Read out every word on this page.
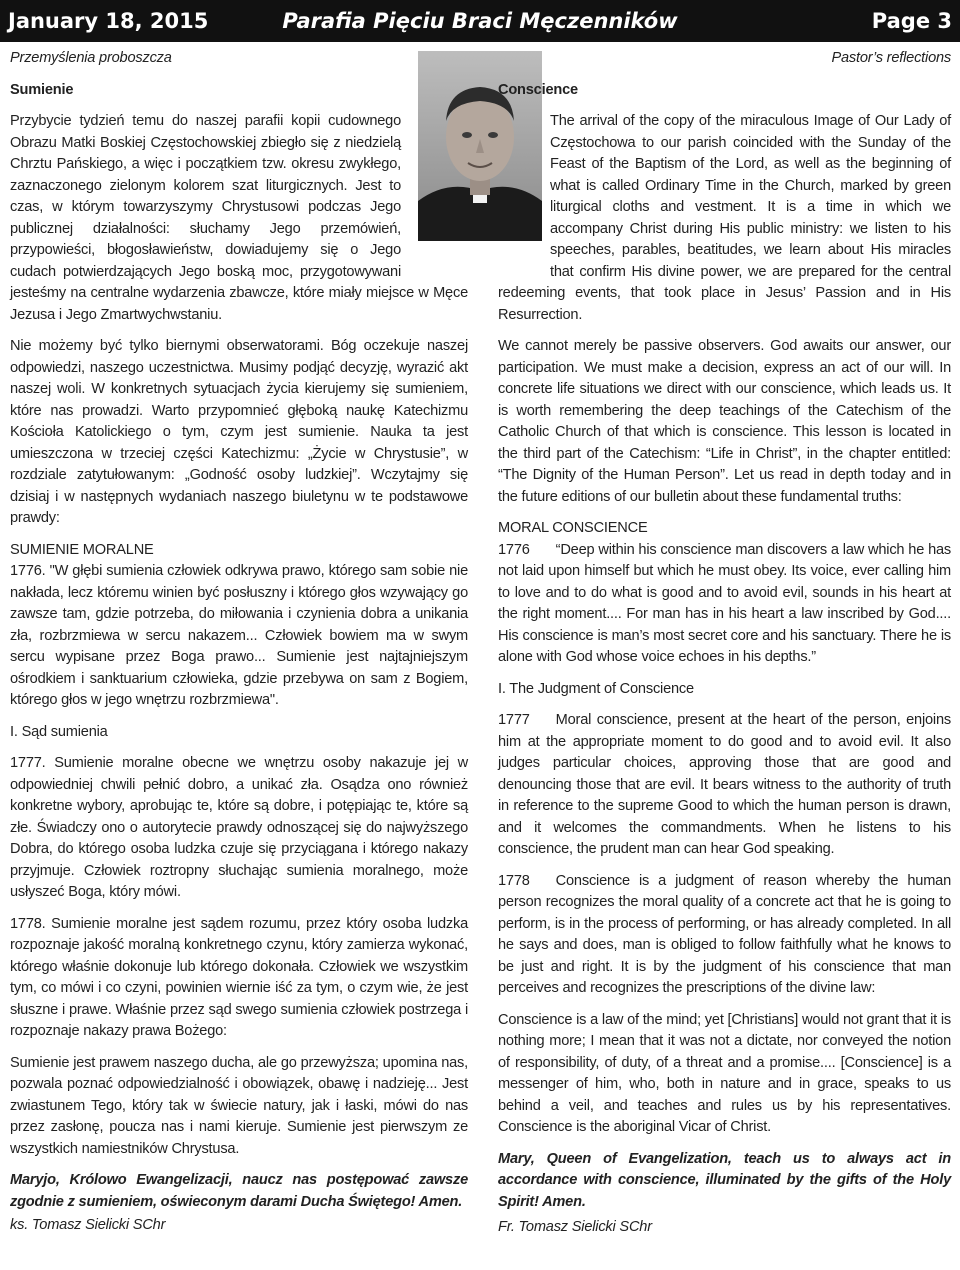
Parafia Pięciu Braci Męczenników
January 18, 2015	Page 3

Przemyślenia proboszcza

Sumienie

Przybycie tydzień temu do naszej parafii kopii cudownego Obrazu Matki Boskiej Częstochowskiej zbiegło się z niedzielą Chrztu Pańskiego, a więc i początkiem tzw. okresu zwykłego, zaznaczonego zielonym kolorem szat liturgicznych. Jest to czas, w którym towarzyszymy Chrystusowi podczas Jego publicznej działalności: słuchamy Jego przemówień, przypowieści, błogosławieństw, dowiadujemy się o Jego cudach potwierdzających Jego boską moc, przygotowywani jesteśmy na centralne wydarzenia zbawcze, które miały miejsce w Męce Jezusa i Jego Zmartwychwstaniu.

Nie możemy być tylko biernymi obserwatorami. Bóg oczekuje naszej odpowiedzi, naszego uczestnictwa. Musimy podjąć decyzję, wyrazić akt naszej woli. W konkretnych sytuacjach życia kierujemy się sumieniem, które nas prowadzi. Warto przypomnieć głęboką naukę Katechizmu Kościoła Katolickiego o tym, czym jest sumienie. Nauka ta jest umieszczona w trzeciej części Katechizmu: „Życie w Chrystusie”, w rozdziale zatytułowanym: „Godność osoby ludzkiej”. Wczytajmy się dzisiaj i w następnych wydaniach naszego biuletynu w te podstawowe prawdy:

SUMIENIE MORALNE

1776. "W głębi sumienia człowiek odkrywa prawo, którego sam sobie nie nakłada, lecz któremu winien być posłuszny i którego głos wzywający go zawsze tam, gdzie potrzeba, do miłowania i czynienia dobra a unikania zła, rozbrzmiewa w sercu nakazem... Człowiek bowiem ma w swym sercu wypisane przez Boga prawo... Sumienie jest najtajniejszym ośrodkiem i sanktuarium człowieka, gdzie przebywa on sam z Bogiem, którego głos w jego wnętrzu rozbrzmiewa".

I. Sąd sumienia

1777. Sumienie moralne obecne we wnętrzu osoby nakazuje jej w odpowiedniej chwili pełnić dobro, a unikać zła. Osądza ono również konkretne wybory, aprobując te, które są dobre, i potępiając te, które są złe. Świadczy ono o autorytecie prawdy odnoszącej się do najwyższego Dobra, do którego osoba ludzka czuje się przyciągana i którego nakazy przyjmuje. Człowiek roztropny słuchając sumienia moralnego, może usłyszeć Boga, który mówi.

1778. Sumienie moralne jest sądem rozumu, przez który osoba ludzka rozpoznaje jakość moralną konkretnego czynu, który zamierza wykonać, którego właśnie dokonuje lub którego dokonała. Człowiek we wszystkim tym, co mówi i co czyni, powinien wiernie iść za tym, o czym wie, że jest słuszne i prawe. Właśnie przez sąd swego sumienia człowiek postrzega i rozpoznaje nakazy prawa Bożego:

Sumienie jest prawem naszego ducha, ale go przewyższa; upomina nas, pozwala poznać odpowiedzialność i obowiązek, obawę i nadzieję... Jest zwiastunem Tego, który tak w świecie natury, jak i łaski, mówi do nas przez zasłonę, poucza nas i nami kieruje. Sumienie jest pierwszym ze wszystkich namiestników Chrystusa.

Maryjo, Królowo Ewangelizacji, naucz nas postępować zawsze zgodnie z sumieniem, oświeconym darami Ducha Świętego! Amen.

ks. Tomasz Sielicki SChr

Pastor’s reflections

Conscience

The arrival of the copy of the miraculous Image of Our Lady of Częstochowa to our parish coincided with the Sunday of the Feast of the Baptism of the Lord, as well as the beginning of what is called Ordinary Time in the Church, marked by green liturgical cloths and vestment. It is a time in which we accompany Christ during His public ministry: we listen to his speeches, parables, beatitudes, we learn about His miracles that confirm His divine power, we are prepared for the central redeeming events, that took place in Jesus’ Passion and in His Resurrection.

We cannot merely be passive observers. God awaits our answer, our participation. We must make a decision, express an act of our will. In concrete life situations we direct with our conscience, which leads us. It is worth remembering the deep teachings of the Catechism of the Catholic Church of that which is conscience. This lesson is located in the third part of the Catechism: “Life in Christ”, in the chapter entitled: “The Dignity of the Human Person”. Let us read in depth today and in the future editions of our bulletin about these fundamental truths:

MORAL CONSCIENCE

1776 “Deep within his conscience man discovers a law which he has not laid upon himself but which he must obey. Its voice, ever calling him to love and to do what is good and to avoid evil, sounds in his heart at the right moment.... For man has in his heart a law inscribed by God.... His conscience is man’s most secret core and his sanctuary. There he is alone with God whose voice echoes in his depths.”

I. The Judgment of Conscience

1777 Moral conscience, present at the heart of the person, enjoins him at the appropriate moment to do good and to avoid evil. It also judges particular choices, approving those that are good and denouncing those that are evil. It bears witness to the authority of truth in reference to the supreme Good to which the human person is drawn, and it welcomes the commandments. When he listens to his conscience, the prudent man can hear God speaking.

1778 Conscience is a judgment of reason whereby the human person recognizes the moral quality of a concrete act that he is going to perform, is in the process of performing, or has already completed. In all he says and does, man is obliged to follow faithfully what he knows to be just and right. It is by the judgment of his conscience that man perceives and recognizes the prescriptions of the divine law:

Conscience is a law of the mind; yet [Christians] would not grant that it is nothing more; I mean that it was not a dictate, nor conveyed the notion of responsibility, of duty, of a threat and a promise.... [Conscience] is a messenger of him, who, both in nature and in grace, speaks to us behind a veil, and teaches and rules us by his representatives. Conscience is the aboriginal Vicar of Christ.

Mary, Queen of Evangelization, teach us to always act in accordance with conscience, illuminated by the gifts of the Holy Spirit! Amen.

Fr. Tomasz Sielicki SChr
